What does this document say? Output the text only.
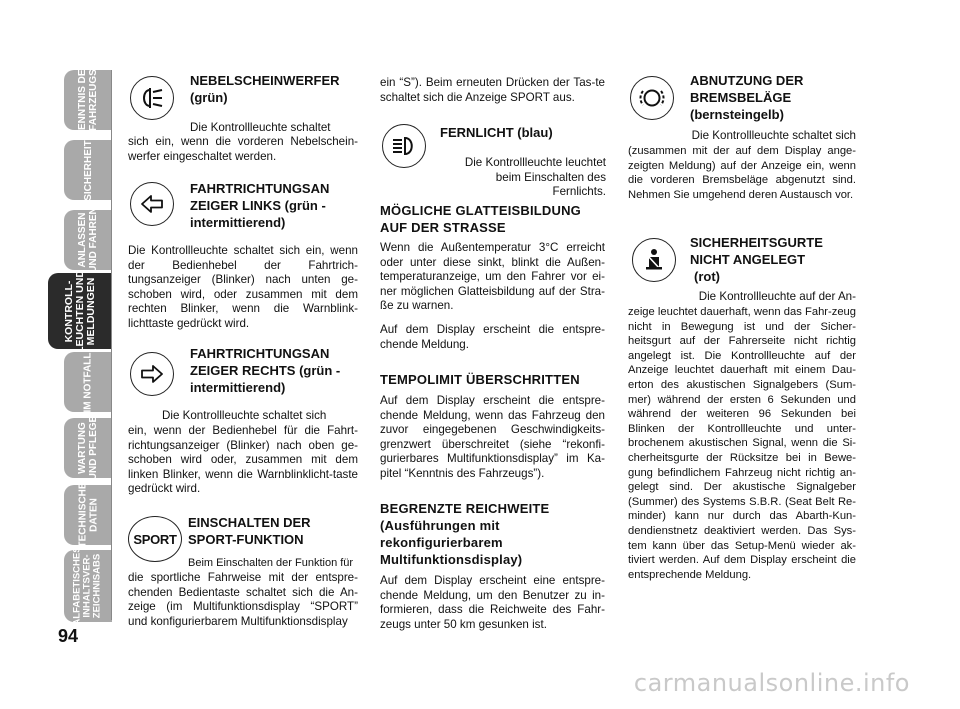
KENNTNIS DES
FAHRZEUGS
SICHERHEIT
ANLASSEN
UND FAHREN
KONTROLL-
LEUCHTEN UND
MELDUNGEN
IM NOTFALL
WARTUNG
UND PFLEGE
TECHNISCHE
DATEN
ALFABETISCHES
INHALTSVER-
ZEICHNISABS
94
NEBELSCHEINWERFER
(grün)
Die Kontrollleuchte schaltet
sich ein, wenn die vorderen Nebelschein-werfer eingeschaltet werden.
FAHRTRICHTUNGSAN
ZEIGER LINKS (grün -
intermittierend)
Die Kontrollleuchte schaltet sich ein, wenn der Bedienhebel der Fahrtrich-tungsanzeiger (Blinker) nach unten ge-schoben wird, oder zusammen mit dem rechten Blinker, wenn die Warnblink-lichttaste gedrückt wird.
FAHRTRICHTUNGSAN
ZEIGER RECHTS (grün -
intermittierend)
Die Kontrollleuchte schaltet sich
ein, wenn der Bedienhebel für die Fahrt-richtungsanzeiger (Blinker) nach oben ge-schoben wird oder, zusammen mit dem linken Blinker, wenn die Warnblinklicht-taste gedrückt wird.
SPORT
EINSCHALTEN DER
SPORT-FUNKTION
Beim Einschalten der Funktion für
die sportliche Fahrweise mit der entspre-chenden Bedientaste schaltet sich die An-zeige (im Multifunktionsdisplay “SPORT” und konfigurierbarem Multifunktionsdisplay
ein “S”). Beim erneuten Drücken der Tas-te schaltet sich die Anzeige SPORT aus.
FERNLICHT (blau)
Die Kontrollleuchte leuchtet
beim Einschalten des Fernlichts.
MÖGLICHE GLATTEISBILDUNG
AUF DER STRASSE
Wenn die Außentemperatur 3°C erreicht oder unter diese sinkt, blinkt die Außen-temperaturanzeige, um den Fahrer vor ei-ner möglichen Glatteisbildung auf der Stra-ße zu warnen.
Auf dem Display erscheint die entspre-chende Meldung.
TEMPOLIMIT ÜBERSCHRITTEN
Auf dem Display erscheint die entspre-chende Meldung, wenn das Fahrzeug den zuvor eingegebenen Geschwindigkeits-grenzwert überschreitet (siehe “rekonfi-gurierbares Multifunktionsdisplay” im Ka-pitel “Kenntnis des Fahrzeugs”).
BEGRENZTE REICHWEITE
(Ausführungen mit
rekonfigurierbarem
Multifunktionsdisplay)
Auf dem Display erscheint eine entspre-chende Meldung, um den Benutzer zu in-formieren, dass die Reichweite des Fahr-zeugs unter 50 km gesunken ist.
ABNUTZUNG DER
BREMSBELÄGE
(bernsteingelb)
Die Kontrollleuchte schaltet sich
(zusammen mit der auf dem Display ange-zeigten Meldung) auf der Anzeige ein, wenn die vorderen Bremsbeläge abgenutzt sind. Nehmen Sie umgehend deren Austausch vor.
SICHERHEITSGURTE
NICHT ANGELEGT
(rot)
Die Kontrollleuchte auf der An-
zeige leuchtet dauerhaft, wenn das Fahr-zeug nicht in Bewegung ist und der Sicher-heitsgurt auf der Fahrerseite nicht richtig angelegt ist. Die Kontrollleuchte auf der Anzeige leuchtet dauerhaft mit einem Dau-erton des akustischen Signalgebers (Sum-mer) während der ersten 6 Sekunden und während der weiteren 96 Sekunden bei Blinken der Kontrollleuchte und unter-brochenem akustischen Signal, wenn die Si-cherheitsgurte der Rücksitze bei in Bewe-gung befindlichem Fahrzeug nicht richtig an-gelegt sind. Der akustische Signalgeber (Summer) des Systems S.B.R. (Seat Belt Re-minder) kann nur durch das Abarth-Kun-dendienstnetz deaktiviert werden. Das Sys-tem kann über das Setup-Menü wieder ak-tiviert werden. Auf dem Display erscheint die entsprechende Meldung.
carmanualsonline.info
